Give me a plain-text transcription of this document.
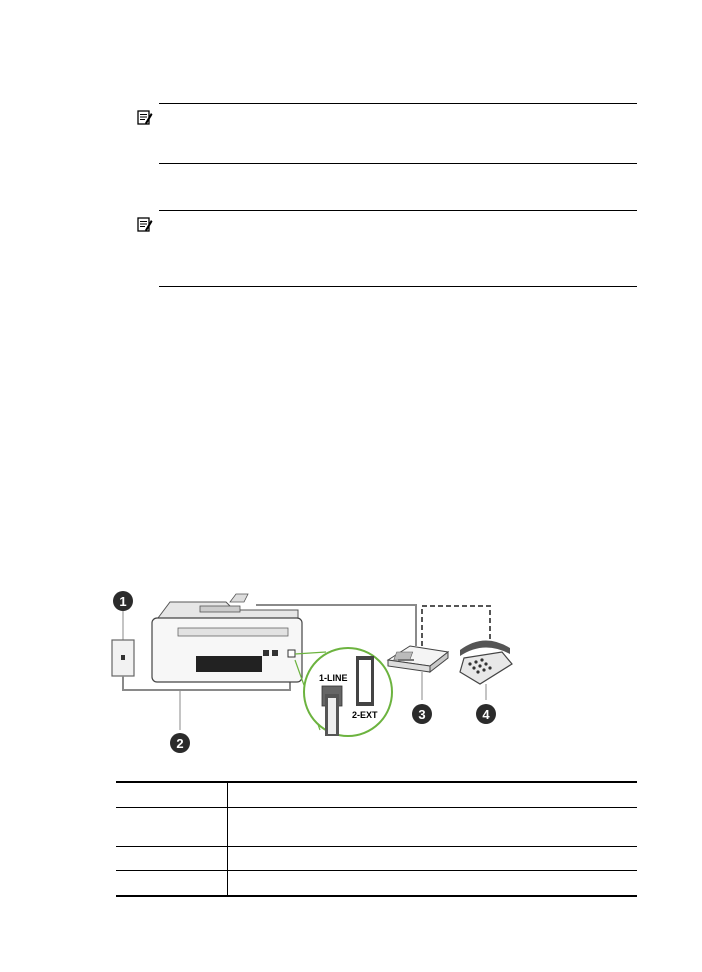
1
1-LINE
2-EXT
2
3	4
